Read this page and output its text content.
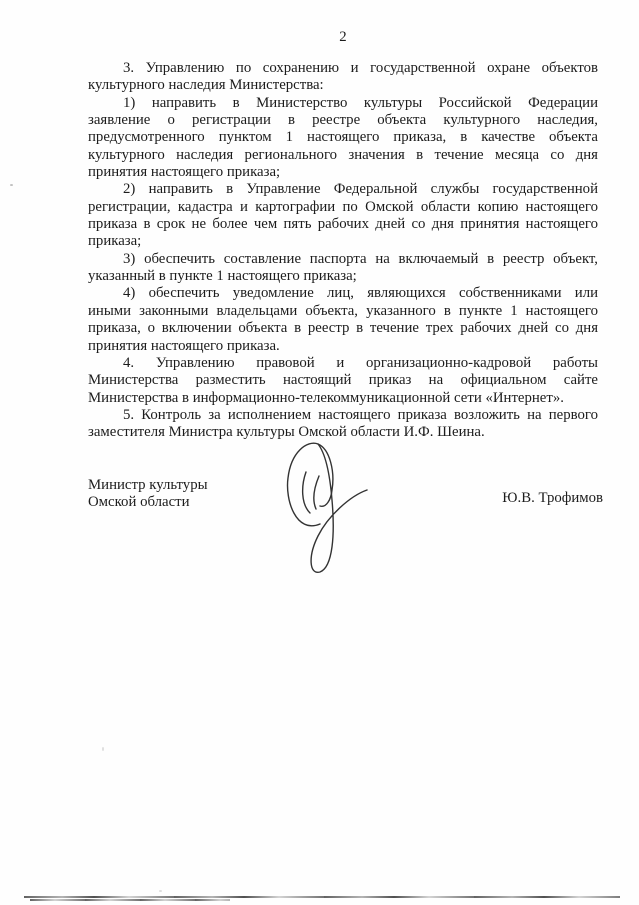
2

3. Управлению по сохранению и государственной охране объектов
культурного наследия Министерства:

1) направить в Министерство культуры Российской Федерации
заявление о регистрации в реестре объекта культурного наследия,
предусмотренного пунктом 1 настоящего приказа, в качестве объекта
культурного наследия регионального значения в течение месяца со дня
принятия настоящего приказа;

2) направить в Управление Федеральной службы государственной
регистрации, кадастра и картографии по Омской области копию настоящего
приказа в срок не более чем пять рабочих дней со дня принятия настоящего
приказа;

3) обеспечить составление паспорта на включаемый в реестр объект,
указанный в пункте 1 настоящего приказа;

4) обеспечить уведомление лиц, являющихся собственниками или
иными законными владельцами объекта, указанного в пункте 1 настоящего
приказа, о включении объекта в реестр в течение трех рабочих дней со дня
принятия настоящего приказа.

4. Управлению правовой и организационно-кадровой работы
Министерства разместить настоящий приказ на официальном сайте
Министерства в информационно-телекоммуникационной сети «Интернет».

5. Контроль за исполнением настоящего приказа возложить на первого
заместителя Министра культуры Омской области И.Ф. Шеина.

Министр культуры
Омской области	Ю.В. Трофимов
